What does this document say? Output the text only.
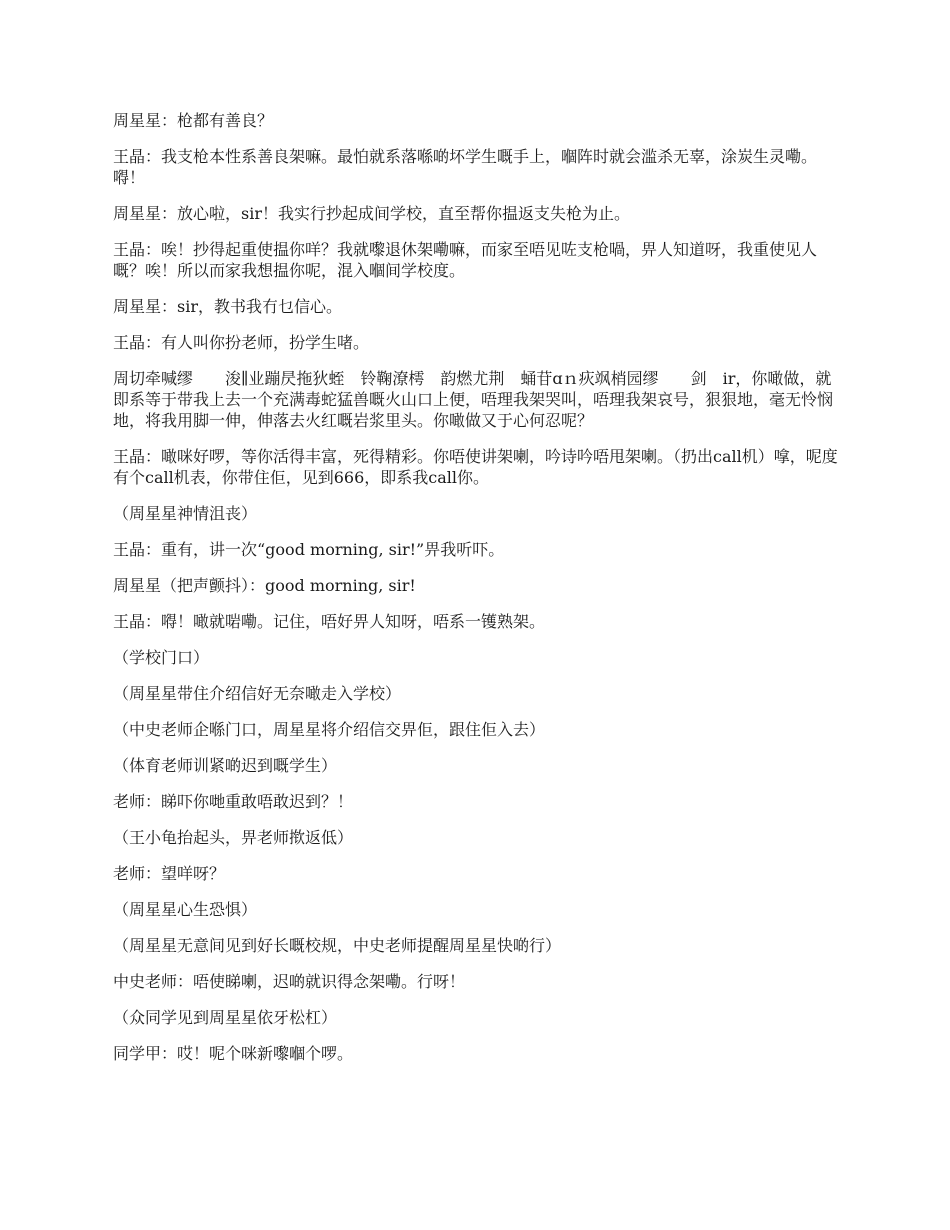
周星星：枪都有善良？

王晶：我支枪本性系善良架嘛。最怕就系落喺啲坏学生嘅手上，嗰阵时就会滥杀无辜，涂炭生灵嘞。嘚！

周星星：放心啦，sir！我实行抄起成间学校，直至帮你揾返支失枪为止。

王晶：唉！抄得起重使揾你咩？我就嚟退休架嘞嘛，而家至唔见咗支枪喎，畀人知道呀，我重使见人嘅？唉！所以而家我想揾你呢，混入嗰间学校度。

周星星：sir，教书我冇乜信心。

王晶：有人叫你扮老师，扮学生啫。

周切牵喊缪　　浚∥业蹦昃拖狄蛭　铃鞠潦樗　韵燃尤荆　蛹苷ɑｎ疢飒梢园缪　　剑　ir，你噉做，就即系等于带我上去一个充满毒蛇猛兽嘅火山口上便，唔理我架哭叫，唔理我架哀号，狠狠地，毫无怜悯地，将我用脚一伸，伸落去火红嘅岩浆里头。你噉做又于心何忍呢？

王晶：噉咪好啰，等你活得丰富，死得精彩。你唔使讲架喇，吟诗吟唔甩架喇。（扔出call机）嗱，呢度有个call机表，你带住佢，见到666，即系我call你。

（周星星神情沮丧）

王晶：重有，讲一次“good morning, sir!”畀我听吓。

周星星（把声颤抖）：good morning, sir!

王晶：嘚！噉就啱嘞。记住，唔好畀人知呀，唔系一镬熟架。

（学校门口）

（周星星带住介绍信好无奈噉走入学校）

（中史老师企喺门口，周星星将介绍信交畀佢，跟住佢入去）

（体育老师训紧啲迟到嘅学生）

老师：睇吓你哋重敢唔敢迟到？！

（王小龟抬起头，畀老师揿返低）

老师：望咩呀？

（周星星心生恐惧）

（周星星无意间见到好长嘅校规，中史老师提醒周星星快啲行）

中史老师：唔使睇喇，迟啲就识得念架嘞。行呀！

（众同学见到周星星依牙松杠）

同学甲：哎！呢个咪新嚟嗰个啰。
